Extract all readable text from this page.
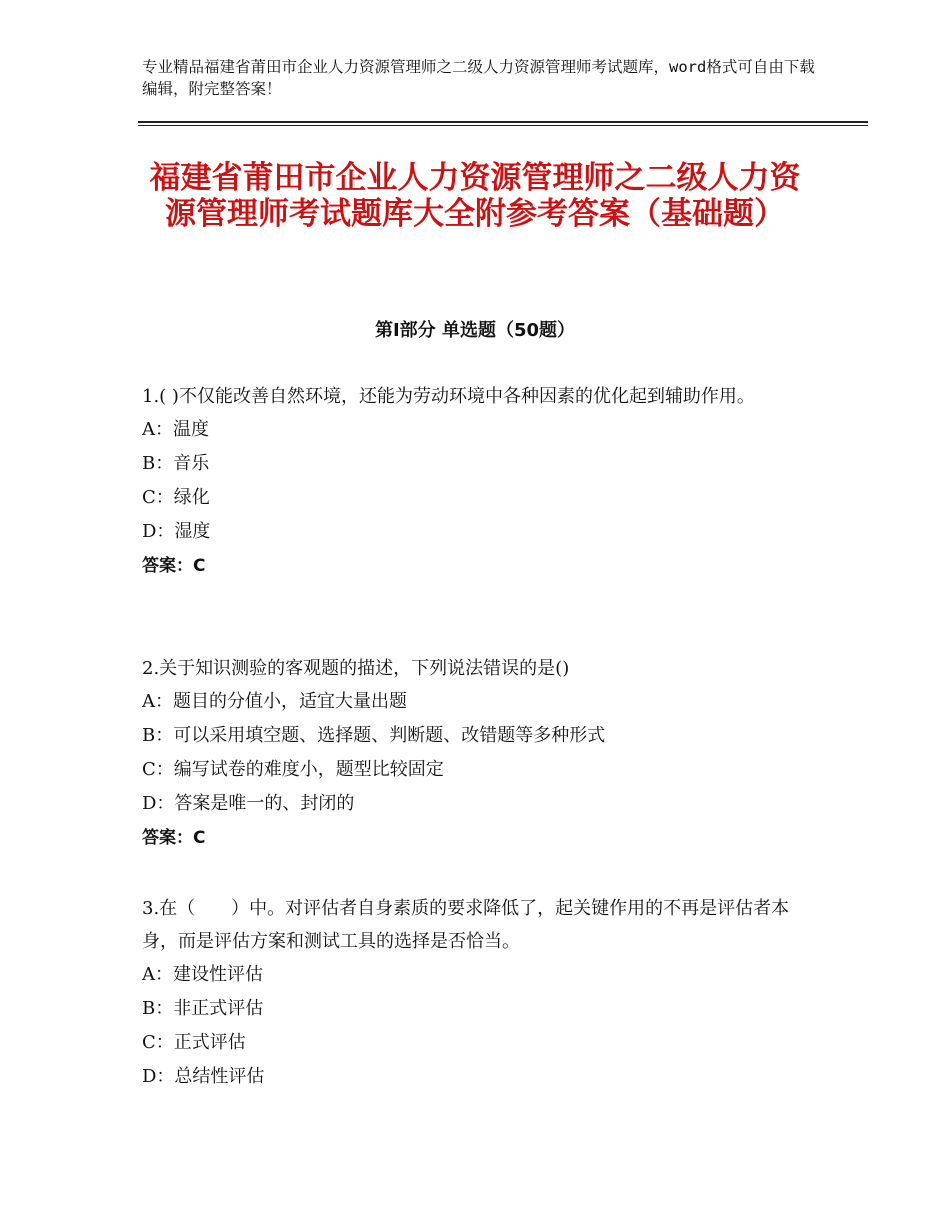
专业精品福建省莆田市企业人力资源管理师之二级人力资源管理师考试题库，word格式可自由下载编辑，附完整答案！
福建省莆田市企业人力资源管理师之二级人力资源管理师考试题库大全附参考答案（基础题）
第Ⅰ部分 单选题（50题）
1.( )不仅能改善自然环境，还能为劳动环境中各种因素的优化起到辅助作用。
A：温度
B：音乐
C：绿化
D：湿度
答案：C
2.关于知识测验的客观题的描述，下列说法错误的是()
A：题目的分值小，适宜大量出题
B：可以采用填空题、选择题、判断题、改错题等多种形式
C：编写试卷的难度小，题型比较固定
D：答案是唯一的、封闭的
答案：C
3.在（　　）中。对评估者自身素质的要求降低了，起关键作用的不再是评估者本身，而是评估方案和测试工具的选择是否恰当。
A：建设性评估
B：非正式评估
C：正式评估
D：总结性评估
